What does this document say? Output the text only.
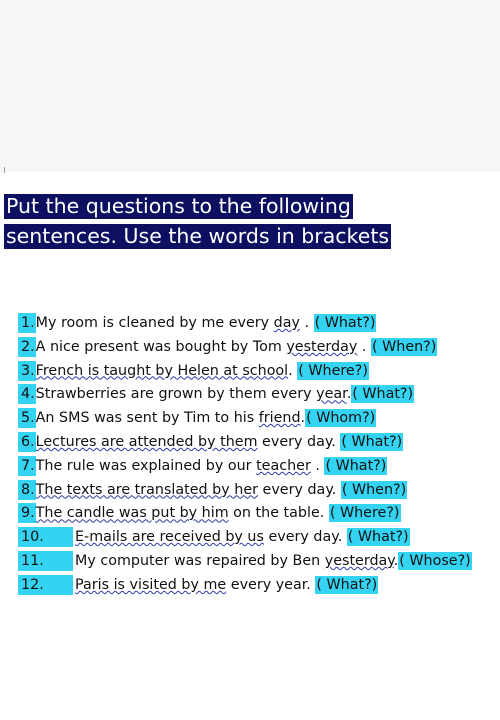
Put the questions to the following
sentences. Use the words in brackets
1.My room is cleaned by me every day . ( What?)
2.A nice present was bought by Tom yesterday . ( When?)
3.French is taught by Helen at school. ( Where?)
4.Strawberries are grown by them every year.( What?)
5.An SMS was sent by Tim to his friend.( Whom?)
6.Lectures are attended by them every day. ( What?)
7.The rule was explained by our teacher . ( What?)
8.The texts are translated by her every day. ( When?)
9.The candle was put by him on the table. ( Where?)
10. E-mails are received by us every day. ( What?)
11. My computer was repaired by Ben yesterday.( Whose?)
12. Paris is visited by me every year. ( What?)
